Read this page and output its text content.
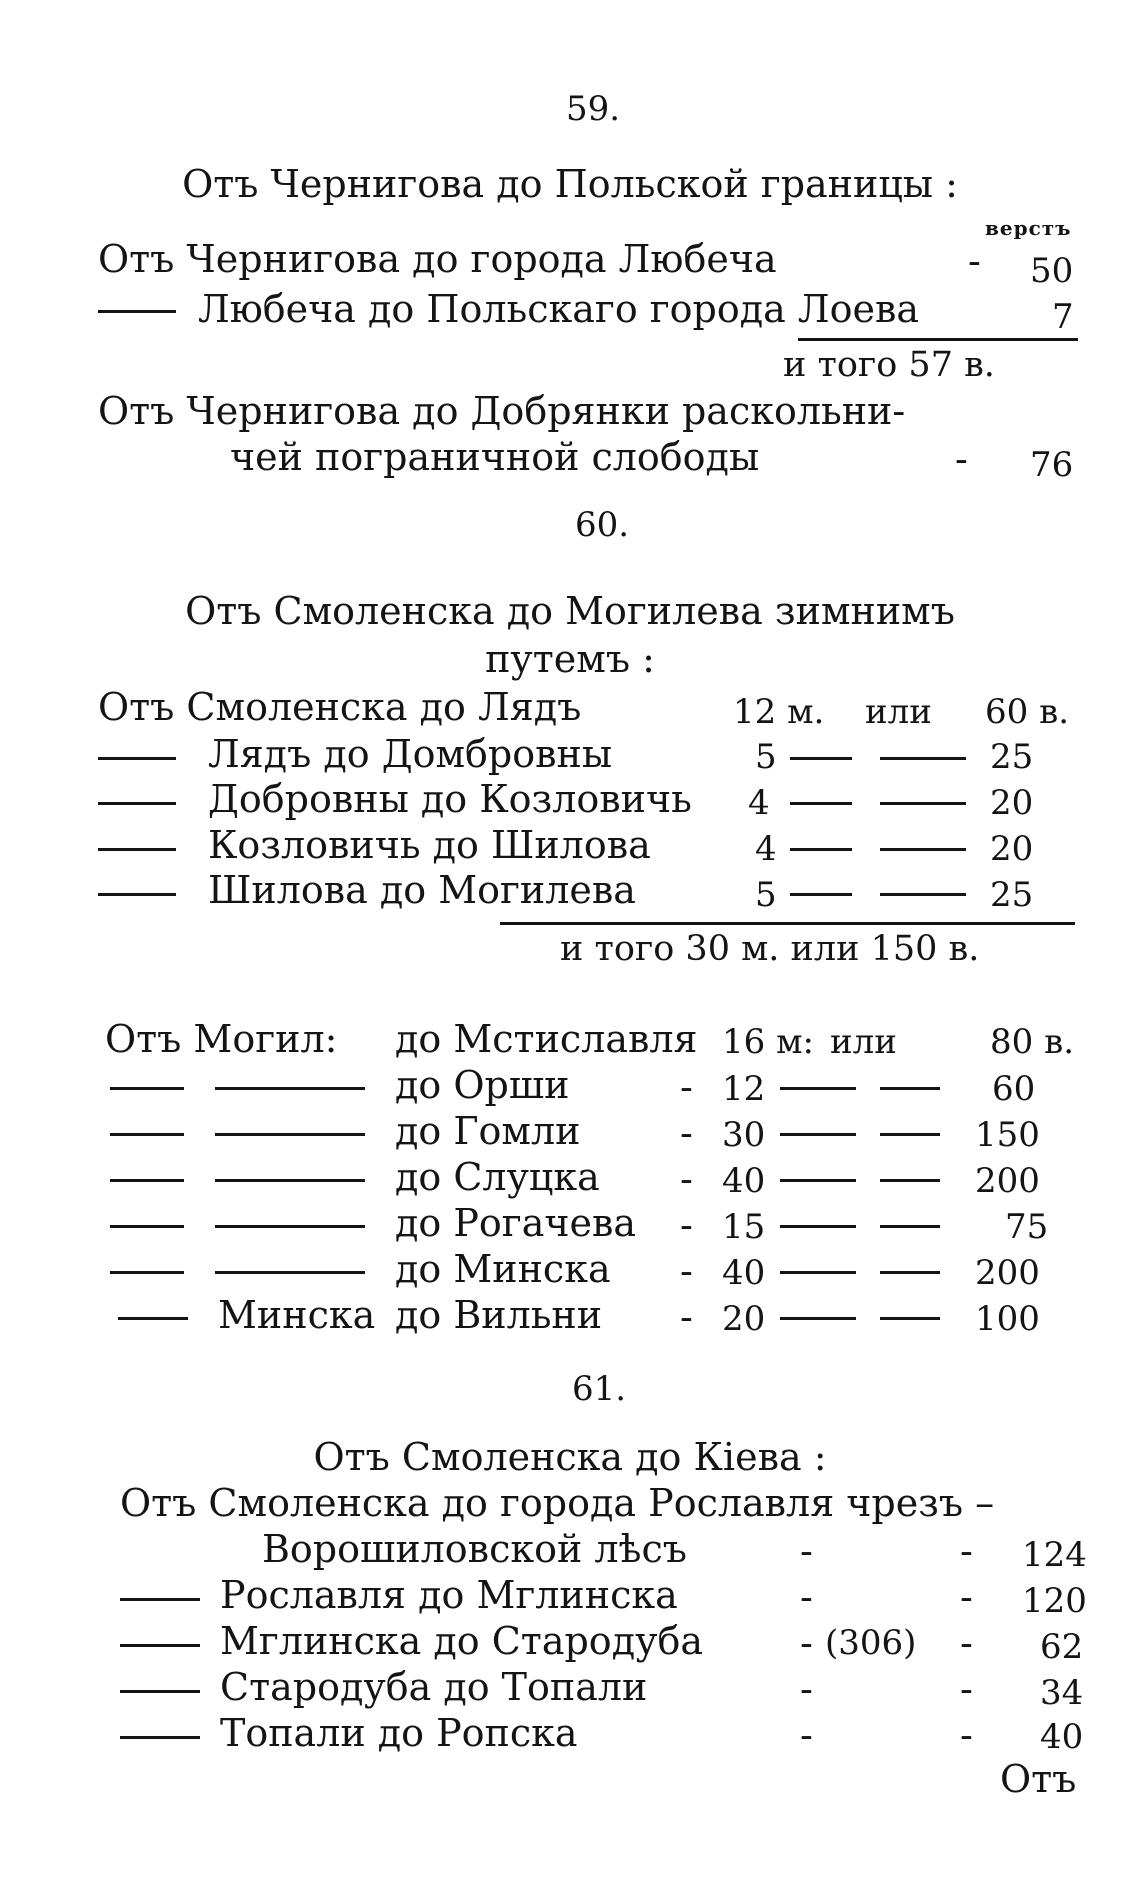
59.
Отъ Чернигова до Польской границы :
верстъ
Отъ Чернигова до города Любеча	- 50
Любеча до Польскаго города Лоева	7
и того 57 в.
Отъ Чернигова до Добрянки раскольни-
чей пограничной слободы	- 76
60.
Отъ Смоленска до Могилева зимнимъ
путемъ :
Отъ Смоленска до Лядъ	12 м. или 60 в.
Лядъ до Домбровны	5	25
Добровны до Козловичь 4	20
Козловичь до Шилова	4	20
Шилова до Могилева	5	25
и того 30 м. или 150 в.
Отъ Могил: до Мстиславля 16 м: или	80 в.
до Орши	- 12	60
до Гомли	- 30	150
до Слуцка - 40	200
до Рогачева - 15	75
до Минска - 40	200
Минска до Вильни - 20	100
61.
Отъ Смоленска до Кіева :
Отъ Смоленска до города Рославля чрезъ –
Ворошиловской лѣсъ	-	- 124
Рославля до Мглинска	-	- 120
Мглинска до Стародуба	- (306) - 62
Стародуба до Топали	-	- 34
Топали до Ропска	-	- 40
Отъ
